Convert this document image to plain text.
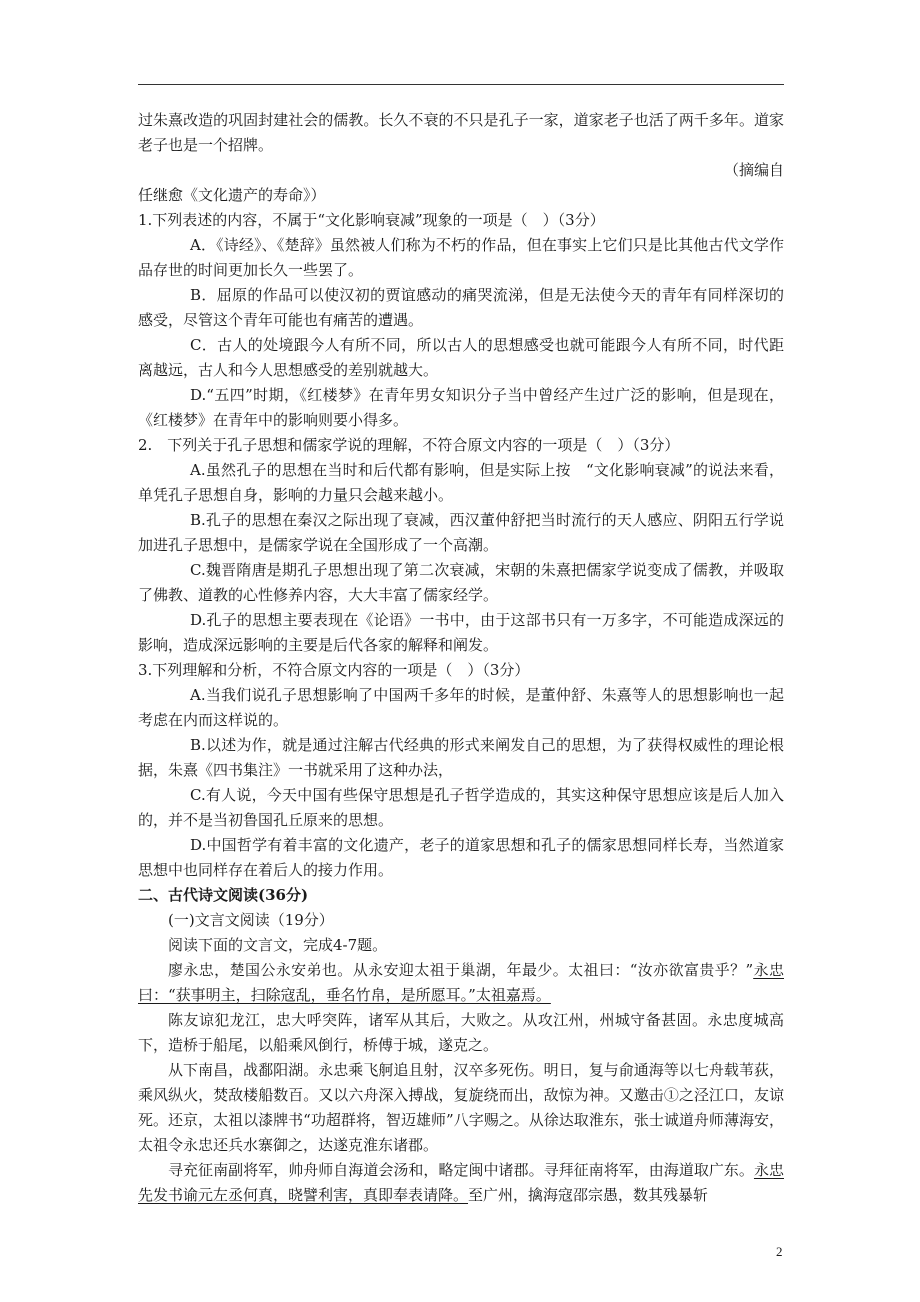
过朱熹改造的巩固封建社会的儒教。长久不衰的不只是孔子一家，道家老子也活了两千多年。道家老子也是一个招牌。
（摘编自
任继愈《文化遗产的寿命》）
1.下列表述的内容，不属于“文化影响衰减”现象的一项是（　）（3分）
A．《诗经》、《楚辞》虽然被人们称为不朽的作品，但在事实上它们只是比其他古代文学作品存世的时间更加长久一些罢了。
B．屈原的作品可以使汉初的贾谊感动的痛哭流涕，但是无法使今天的青年有同样深切的感受，尽管这个青年可能也有痛苦的遭遇。
C．古人的处境跟今人有所不同，所以古人的思想感受也就可能跟今人有所不同，时代距离越远，古人和今人思想感受的差别就越大。
D.“五四”时期，《红楼梦》在青年男女知识分子当中曾经产生过广泛的影响，但是现在，《红楼梦》在青年中的影响则要小得多。
2.　下列关于孔子思想和儒家学说的理解，不符合原文内容的一项是（　）（3分）
A.虽然孔子的思想在当时和后代都有影响，但是实际上按　“文化影响衰减”的说法来看，单凭孔子思想自身，影响的力量只会越来越小。
B.孔子的思想在秦汉之际出现了衰减，西汉董仲舒把当时流行的天人感应、阴阳五行学说加进孔子思想中，是儒家学说在全国形成了一个高潮。
C.魏晋隋唐是期孔子思想出现了第二次衰减，宋朝的朱熹把儒家学说变成了儒教，并吸取了佛教、道教的心性修养内容，大大丰富了儒家经学。
D.孔子的思想主要表现在《论语》一书中，由于这部书只有一万多字，不可能造成深远的影响，造成深远影响的主要是后代各家的解释和阐发。
3.下列理解和分析，不符合原文内容的一项是（　）（3分）
A.当我们说孔子思想影响了中国两千多年的时候，是董仲舒、朱熹等人的思想影响也一起考虑在内而这样说的。
B.以述为作，就是通过注解古代经典的形式来阐发自己的思想，为了获得权威性的理论根据，朱熹《四书集注》一书就采用了这种办法，
C.有人说，今天中国有些保守思想是孔子哲学造成的，其实这种保守思想应该是后人加入的，并不是当初鲁国孔丘原来的思想。
D.中国哲学有着丰富的文化遗产，老子的道家思想和孔子的儒家思想同样长寿，当然道家思想中也同样存在着后人的接力作用。
二、古代诗文阅读(36分)
(一)文言文阅读（19分）
阅读下面的文言文，完成4-7题。
廖永忠，楚国公永安弟也。从永安迎太祖于巢湖，年最少。太祖曰：“汝亦欲富贵乎？”永忠曰：“获事明主，扫除寇乱，垂名竹帛，是所愿耳。”太祖嘉焉。
陈友谅犯龙江，忠大呼突阵，诸军从其后，大败之。从攻江州，州城守备甚固。永忠度城高下，造桥于船尾，以船乘风倒行，桥傅于城，遂克之。
从下南昌，战鄱阳湖。永忠乘飞舸追且射，汉卒多死伤。明日，复与俞通海等以七舟载苇荻，乘风纵火，焚敌楼船数百。又以六舟深入搏战，复旋绕而出，敌惊为神。又邀击①之泾江口，友谅死。还京，太祖以漆牌书“功超群将，智迈雄师”八字赐之。从徐达取淮东，张士诚道舟师薄海安，太祖令永忠还兵水寨御之，达遂克淮东诸郡。
寻充征南副将军，帅舟师自海道会汤和，略定闽中诸郡。寻拜征南将军，由海道取广东。永忠先发书谕元左丞何真，晓譬利害，真即奉表请降。至广州，擒海寇邵宗愚，数其残暴斩
2
